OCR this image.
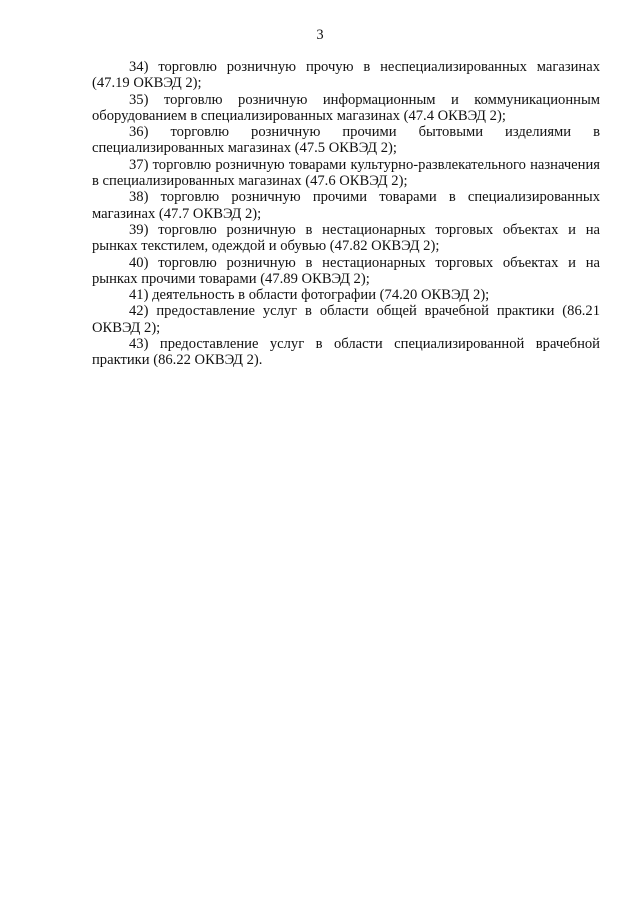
3
34) торговлю розничную прочую в неспециализированных магазинах (47.19 ОКВЭД 2);
35) торговлю розничную информационным и коммуникационным оборудованием в специализированных магазинах (47.4 ОКВЭД 2);
36) торговлю розничную прочими бытовыми изделиями в специализированных магазинах (47.5 ОКВЭД 2);
37) торговлю розничную товарами культурно-развлекательного назначения в специализированных магазинах (47.6 ОКВЭД 2);
38) торговлю розничную прочими товарами в специализированных магазинах (47.7 ОКВЭД 2);
39) торговлю розничную в нестационарных торговых объектах и на рынках текстилем, одеждой и обувью (47.82 ОКВЭД 2);
40) торговлю розничную в нестационарных торговых объектах и на рынках прочими товарами (47.89 ОКВЭД 2);
41) деятельность в области фотографии (74.20 ОКВЭД 2);
42) предоставление услуг в области общей врачебной практики (86.21 ОКВЭД 2);
43) предоставление услуг в области специализированной врачебной практики (86.22 ОКВЭД 2).
